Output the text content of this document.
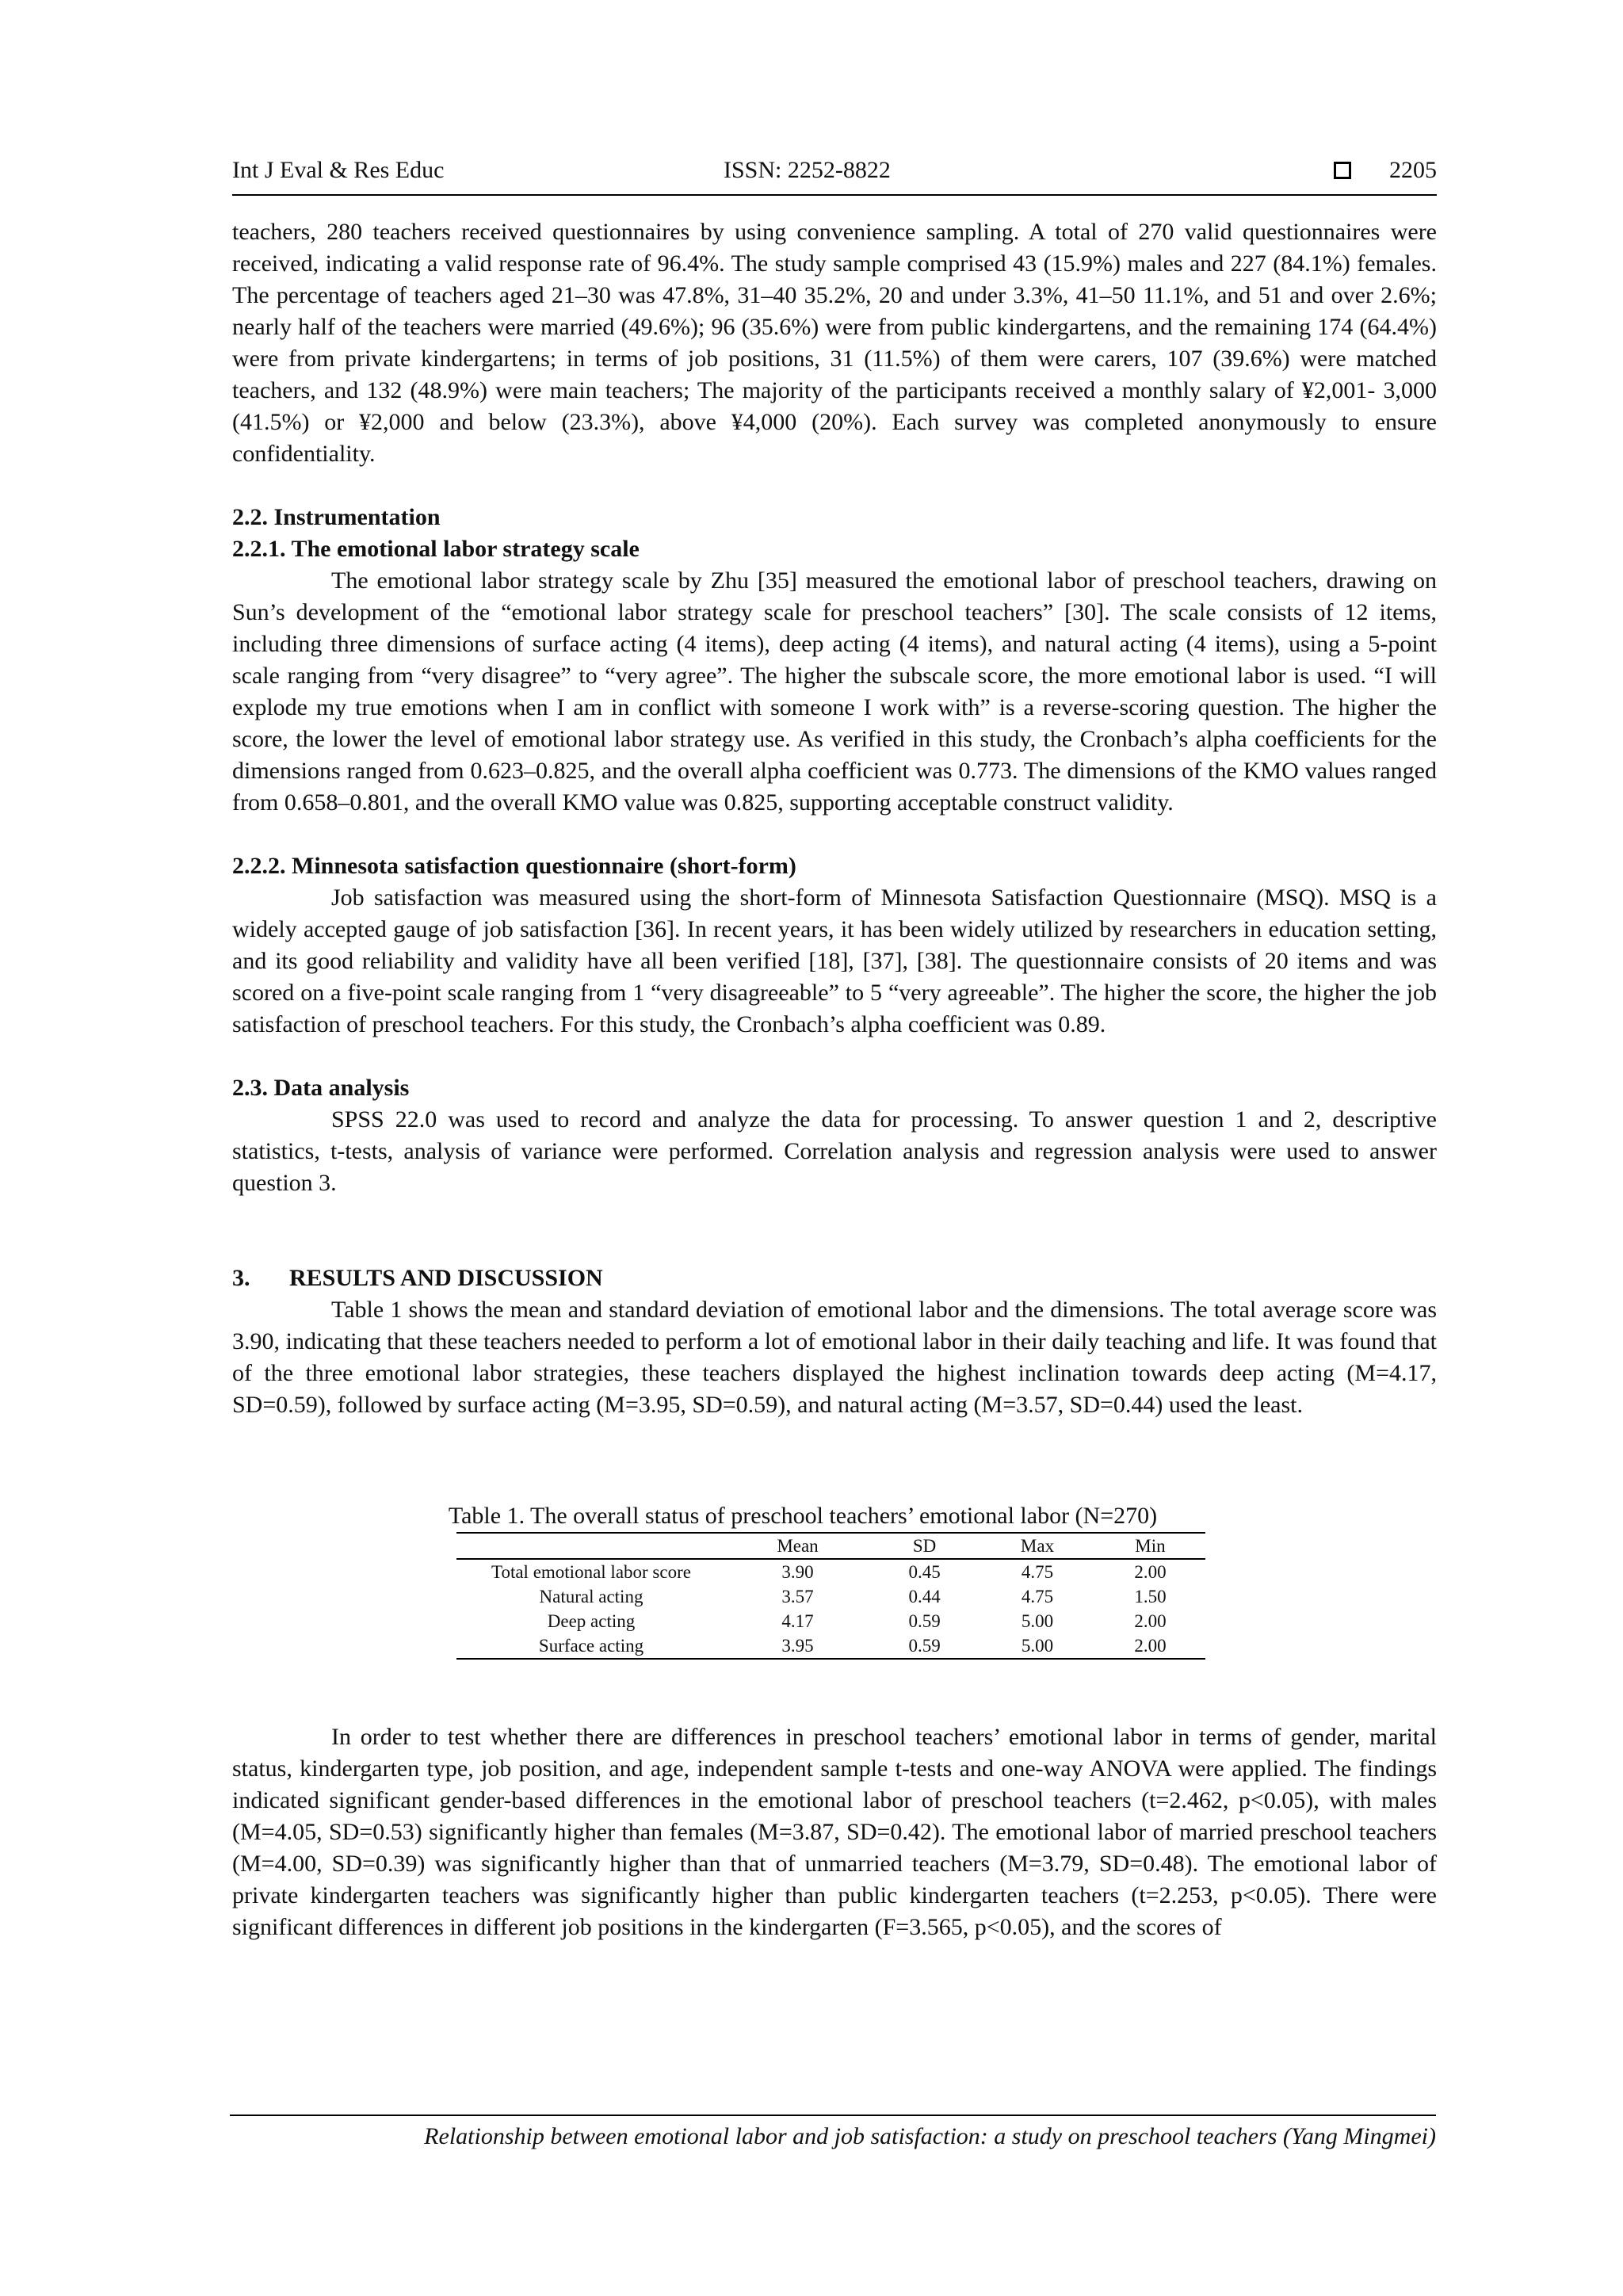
Int J Eval & Res Educ	ISSN: 2252-8822	2205

teachers, 280 teachers received questionnaires by using convenience sampling. A total of 270 valid questionnaires were received, indicating a valid response rate of 96.4%. The study sample comprised 43 (15.9%) males and 227 (84.1%) females. The percentage of teachers aged 21–30 was 47.8%, 31–40 35.2%, 20 and under 3.3%, 41–50 11.1%, and 51 and over 2.6%; nearly half of the teachers were married (49.6%); 96 (35.6%) were from public kindergartens, and the remaining 174 (64.4%) were from private kindergartens; in terms of job positions, 31 (11.5%) of them were carers, 107 (39.6%) were matched teachers, and 132 (48.9%) were main teachers; The majority of the participants received a monthly salary of ¥2,001- 3,000 (41.5%) or ¥2,000 and below (23.3%), above ¥4,000 (20%). Each survey was completed anonymously to ensure confidentiality.

2.2. Instrumentation
2.2.1. The emotional labor strategy scale

The emotional labor strategy scale by Zhu [35] measured the emotional labor of preschool teachers, drawing on Sun’s development of the “emotional labor strategy scale for preschool teachers” [30]. The scale consists of 12 items, including three dimensions of surface acting (4 items), deep acting (4 items), and natural acting (4 items), using a 5-point scale ranging from “very disagree” to “very agree”. The higher the subscale score, the more emotional labor is used. “I will explode my true emotions when I am in conflict with someone I work with” is a reverse-scoring question. The higher the score, the lower the level of emotional labor strategy use. As verified in this study, the Cronbach’s alpha coefficients for the dimensions ranged from 0.623–0.825, and the overall alpha coefficient was 0.773. The dimensions of the KMO values ranged from 0.658–0.801, and the overall KMO value was 0.825, supporting acceptable construct validity.

2.2.2. Minnesota satisfaction questionnaire (short-form)

Job satisfaction was measured using the short-form of Minnesota Satisfaction Questionnaire (MSQ). MSQ is a widely accepted gauge of job satisfaction [36]. In recent years, it has been widely utilized by researchers in education setting, and its good reliability and validity have all been verified [18], [37], [38]. The questionnaire consists of 20 items and was scored on a five-point scale ranging from 1 “very disagreeable” to 5 “very agreeable”. The higher the score, the higher the job satisfaction of preschool teachers. For this study, the Cronbach’s alpha coefficient was 0.89.

2.3. Data analysis

SPSS 22.0 was used to record and analyze the data for processing. To answer question 1 and 2, descriptive statistics, t-tests, analysis of variance were performed. Correlation analysis and regression analysis were used to answer question 3.

3. RESULTS AND DISCUSSION

Table 1 shows the mean and standard deviation of emotional labor and the dimensions. The total average score was 3.90, indicating that these teachers needed to perform a lot of emotional labor in their daily teaching and life. It was found that of the three emotional labor strategies, these teachers displayed the highest inclination towards deep acting (M=4.17, SD=0.59), followed by surface acting (M=3.95, SD=0.59), and natural acting (M=3.57, SD=0.44) used the least.

Table 1. The overall status of preschool teachers’ emotional labor (N=270)
	Mean	SD	Max	Min
Total emotional labor score	3.90	0.45	4.75	2.00
Natural acting	3.57	0.44	4.75	1.50
Deep acting	4.17	0.59	5.00	2.00
Surface acting	3.95	0.59	5.00	2.00

In order to test whether there are differences in preschool teachers’ emotional labor in terms of gender, marital status, kindergarten type, job position, and age, independent sample t-tests and one-way ANOVA were applied. The findings indicated significant gender-based differences in the emotional labor of preschool teachers (t=2.462, p<0.05), with males (M=4.05, SD=0.53) significantly higher than females (M=3.87, SD=0.42). The emotional labor of married preschool teachers (M=4.00, SD=0.39) was significantly higher than that of unmarried teachers (M=3.79, SD=0.48). The emotional labor of private kindergarten teachers was significantly higher than public kindergarten teachers (t=2.253, p<0.05). There were significant differences in different job positions in the kindergarten (F=3.565, p<0.05), and the scores of

Relationship between emotional labor and job satisfaction: a study on preschool teachers (Yang Mingmei)
